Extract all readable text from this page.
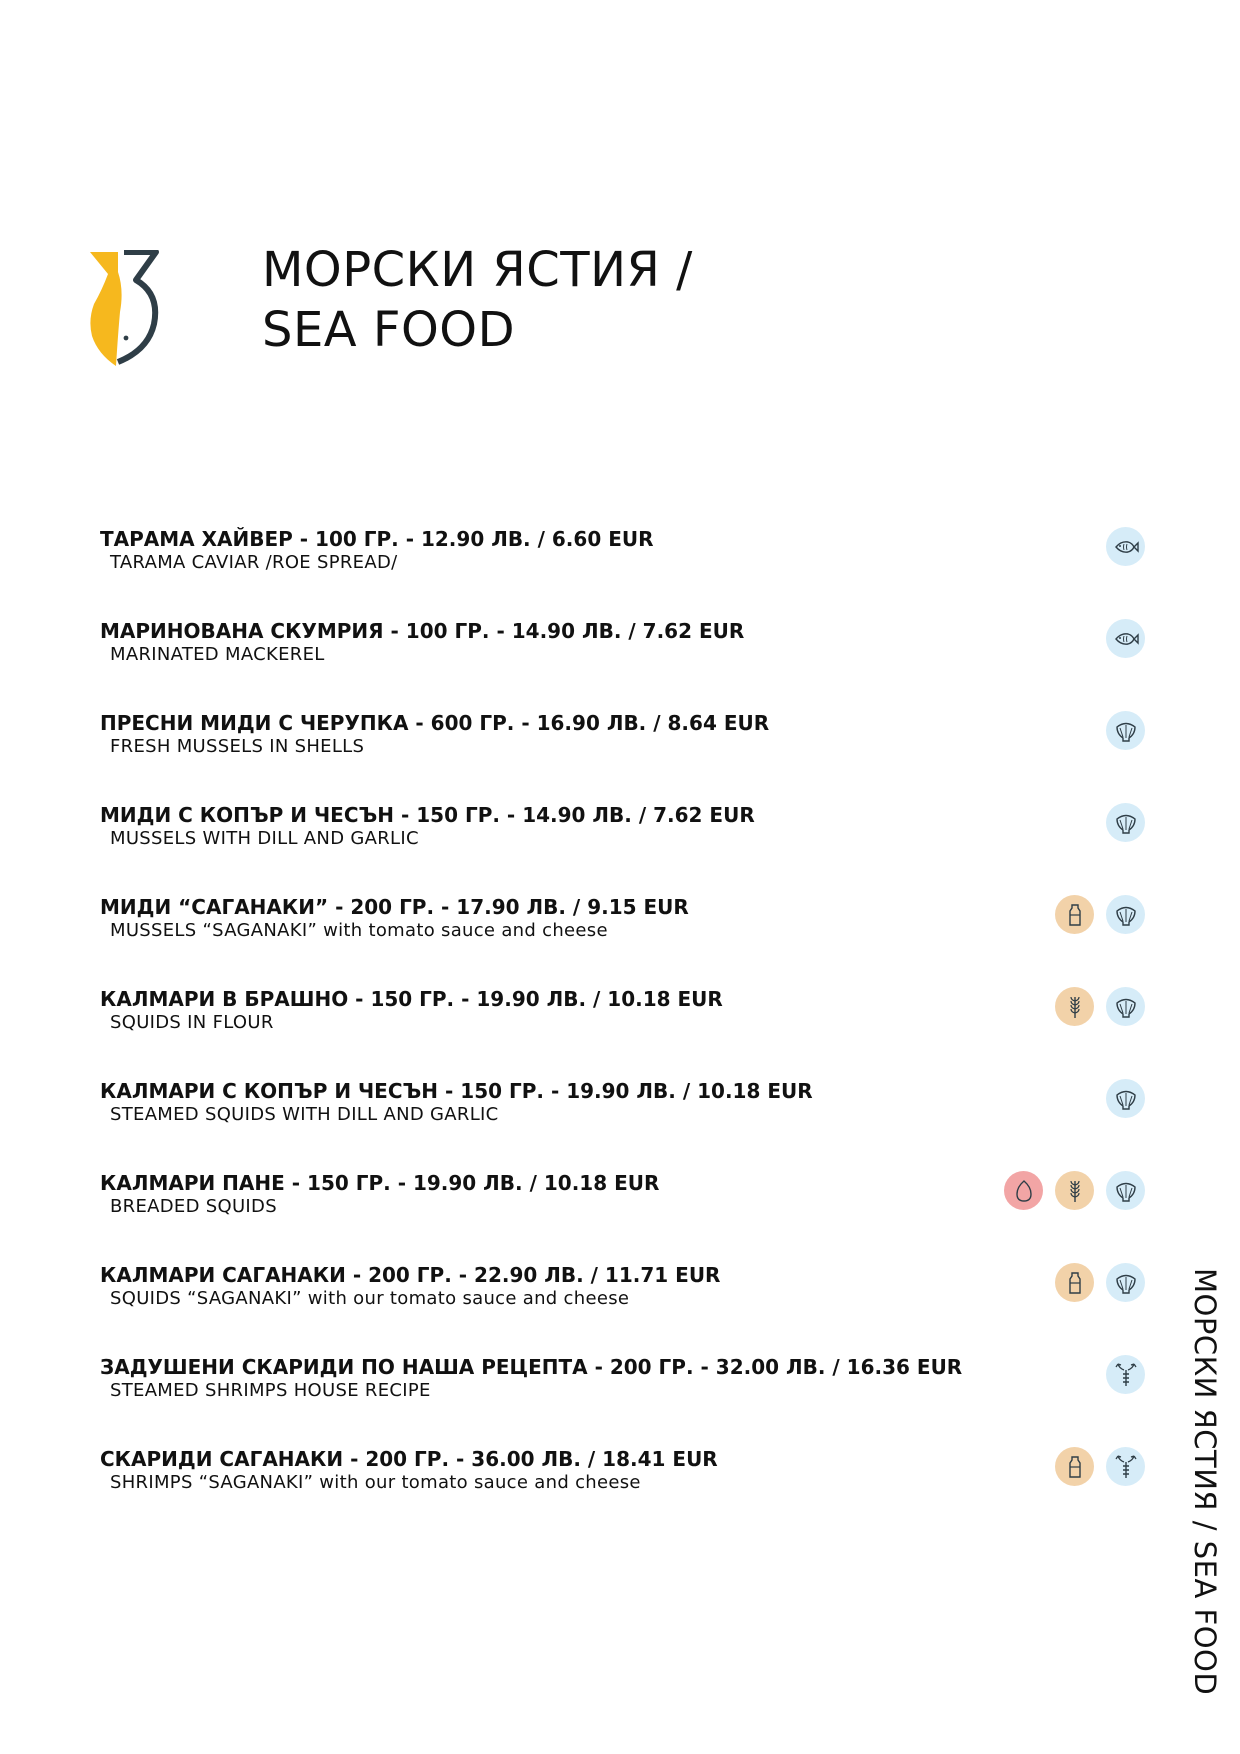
МОРСКИ ЯСТИЯ /
SEA FOOD
ТАРАМА ХАЙВЕР - 100 ГР. - 12.90 ЛВ. / 6.60 EUR
TARAMA CAVIAR /ROE SPREAD/
МАРИНОВАНА СКУМРИЯ - 100 ГР. - 14.90 ЛВ. / 7.62 EUR
MARINATED MACKEREL
ПРЕСНИ МИДИ С ЧЕРУПКА - 600 ГР. - 16.90 ЛВ. / 8.64 EUR
FRESH MUSSELS IN SHELLS
МИДИ С КОПЪР И ЧЕСЪН - 150 ГР. - 14.90 ЛВ. / 7.62 EUR
MUSSELS WITH DILL AND GARLIC
МИДИ “САГАНАКИ” - 200 ГР. - 17.90 ЛВ. / 9.15 EUR
MUSSELS “SAGANAKI” with tomato sauce and cheese
КАЛМАРИ В БРАШНО - 150 ГР. - 19.90 ЛВ. / 10.18 EUR
SQUIDS IN FLOUR
КАЛМАРИ С КОПЪР И ЧЕСЪН - 150 ГР. - 19.90 ЛВ. / 10.18 EUR
STEAMED SQUIDS WITH DILL AND GARLIC
КАЛМАРИ ПАНЕ - 150 ГР. - 19.90 ЛВ. / 10.18 EUR
BREADED SQUIDS
КАЛМАРИ САГАНАКИ - 200 ГР. - 22.90 ЛВ. / 11.71 EUR
SQUIDS “SAGANAKI” with our tomato sauce and cheese
ЗАДУШЕНИ СКАРИДИ ПО НАША РЕЦЕПТА - 200 ГР. - 32.00 ЛВ. / 16.36 EUR
STEAMED SHRIMPS HOUSE RECIPE
СКАРИДИ САГАНАКИ - 200 ГР. - 36.00 ЛВ. / 18.41 EUR
SHRIMPS “SAGANAKI” with our tomato sauce and cheese	МОРСКИ ЯСТИЯ / SEA FOOD
